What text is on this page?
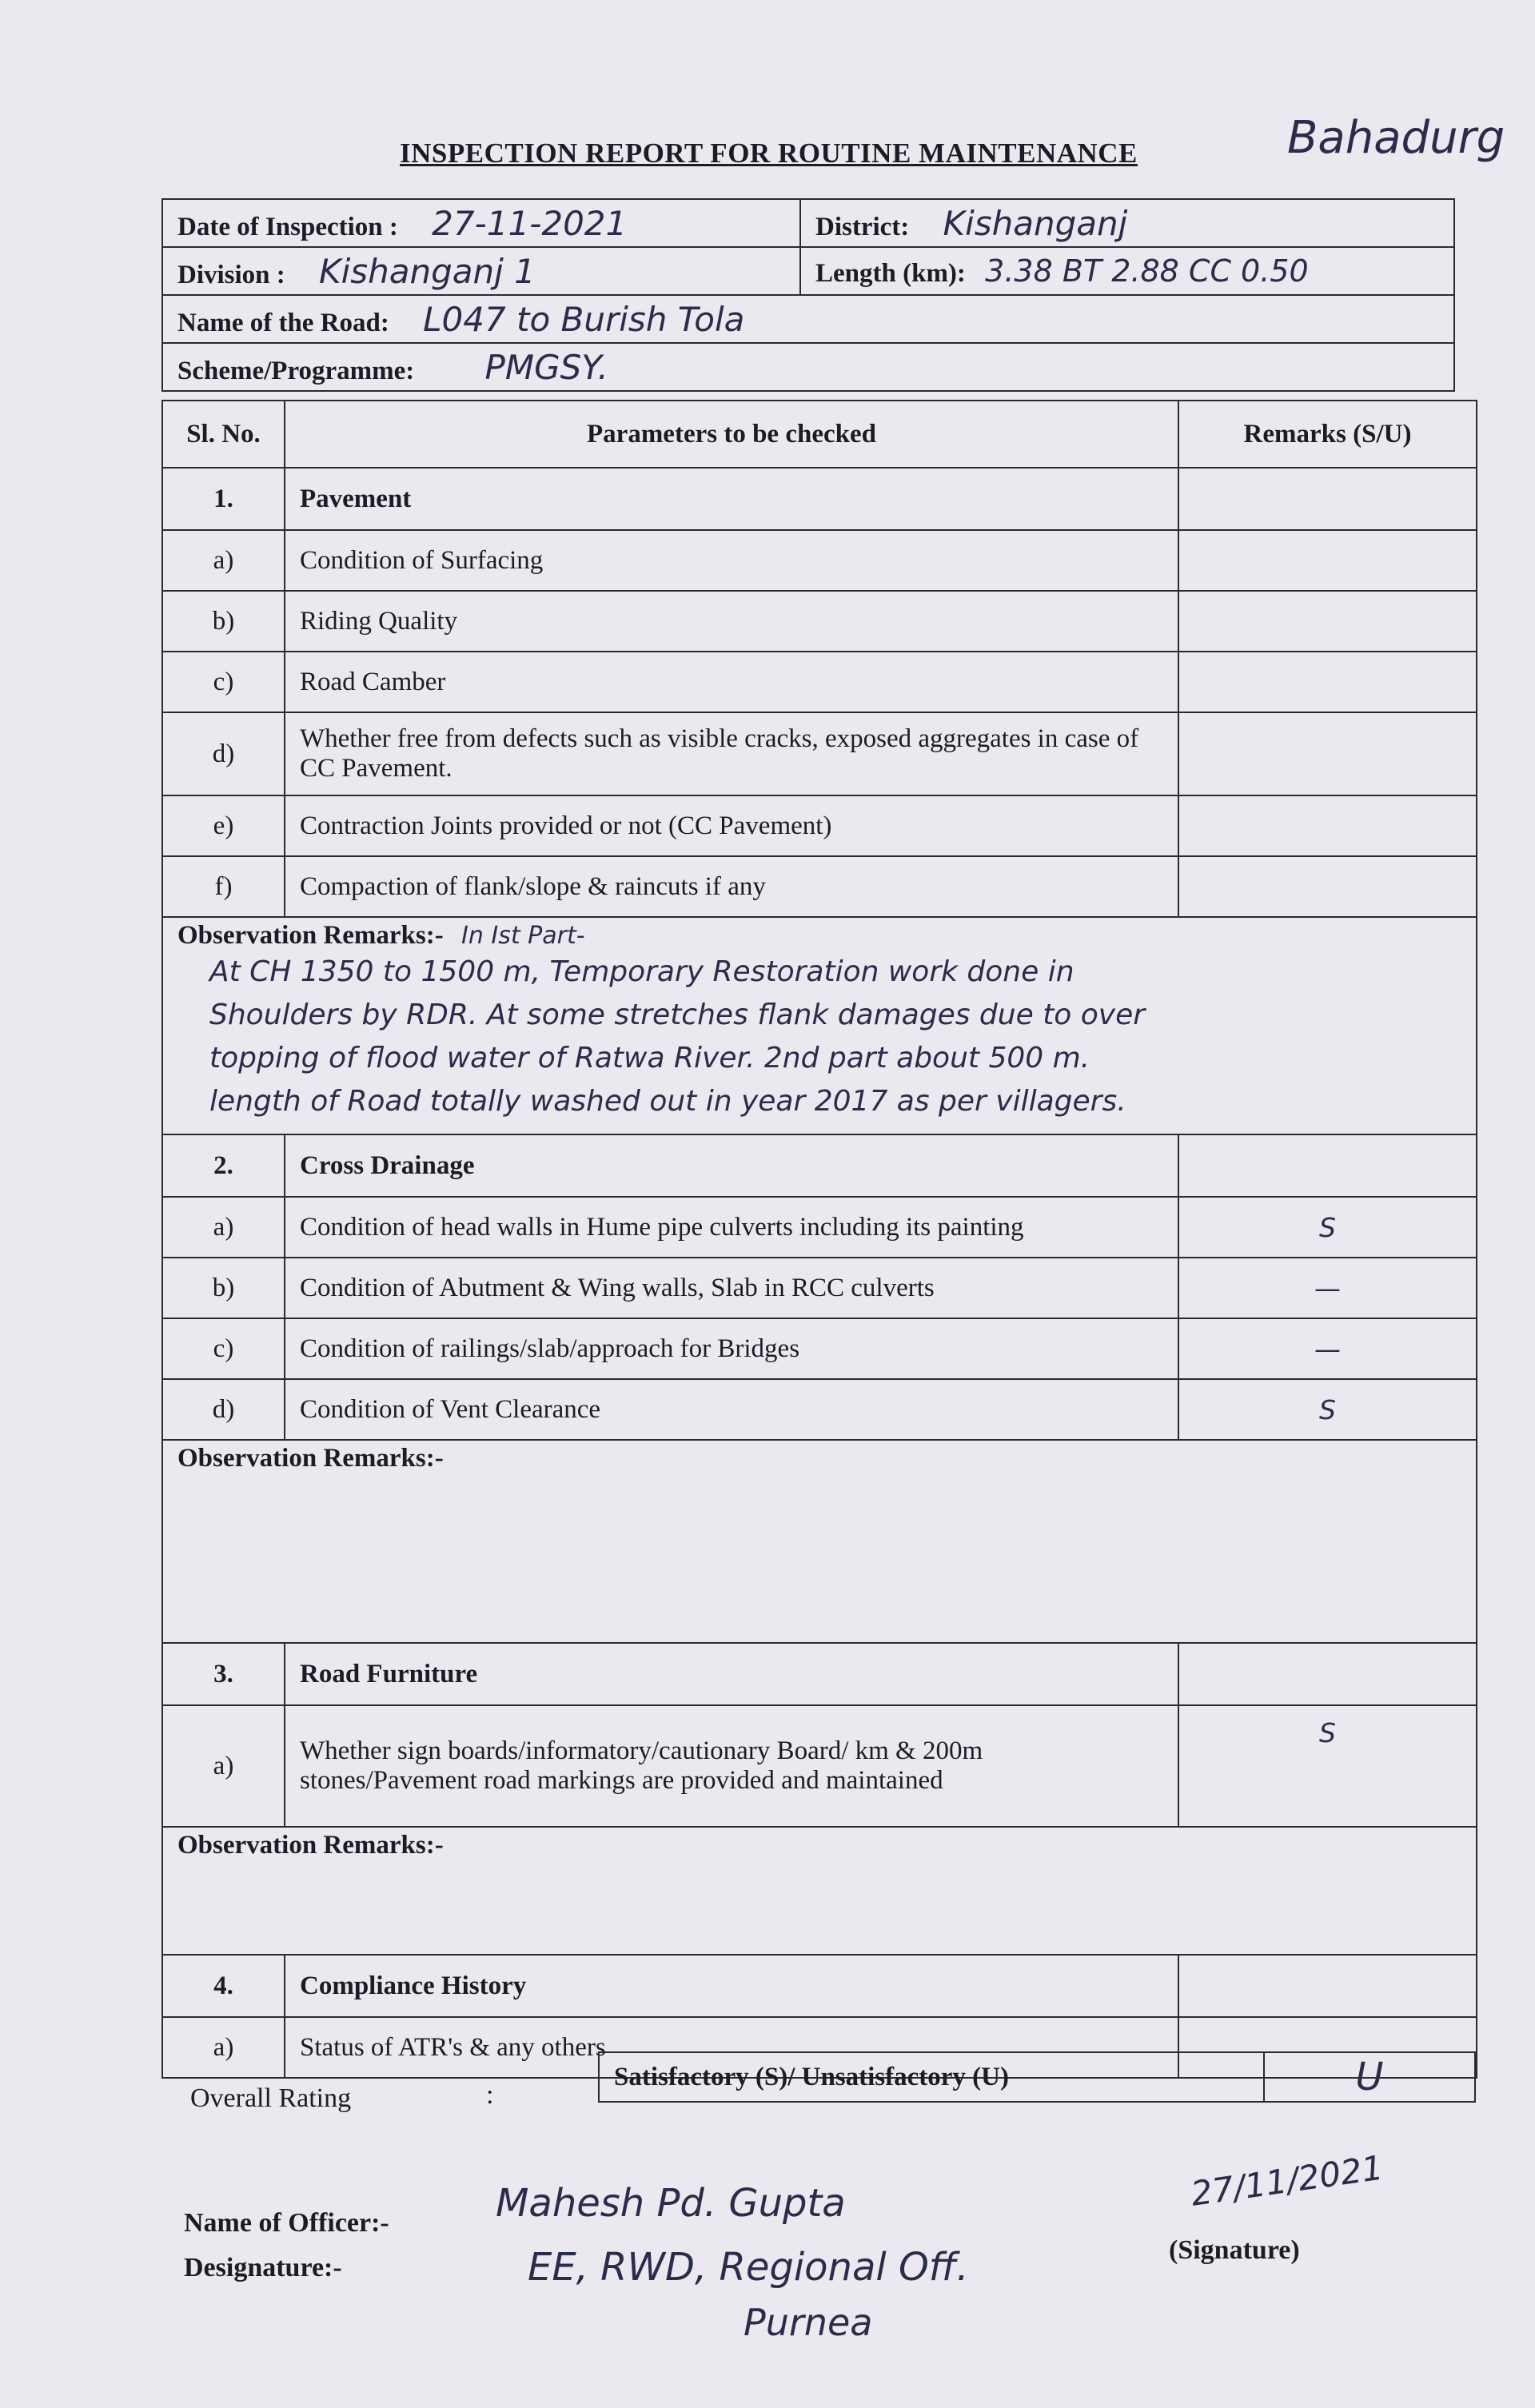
Bahadurg
INSPECTION REPORT FOR ROUTINE MAINTENANCE
Date of Inspection : 27-11-2021	District: Kishanganj
Division : Kishanganj 1	Length (km): 3.38 BT 2.88 CC 0.50
Name of the Road: L047 to Burish Tola	
Scheme/Programme: PMGSY.	
Sl. No.	Parameters to be checked	Remarks (S/U)
1.	Pavement	
a)	Condition of Surfacing	
b)	Riding Quality	
c)	Road Camber	
d)	Whether free from defects such as visible cracks, exposed aggregates in case of CC Pavement.	
e)	Contraction Joints provided or not (CC Pavement)	
f)	Compaction of flank/slope & raincuts if any	
Observation Remarks:- In Ist Part-
At CH 1350 to 1500 m, Temporary Restoration work done in
Shoulders by RDR. At some stretches flank damages due to over
topping of flood water of Ratwa River. 2nd part about 500 m.
length of Road totally washed out in year 2017 as per villagers.		

2.	Cross Drainage	
a)	Condition of head walls in Hume pipe culverts including its painting	S
b)	Condition of Abutment & Wing walls, Slab in RCC culverts	—
c)	Condition of railings/slab/approach for Bridges	—
d)	Condition of Vent Clearance	S
Observation Remarks:-		
3.	Road Furniture	
a)	Whether sign boards/informatory/cautionary Board/ km & 200m stones/Pavement road markings are provided and maintained	S
Observation Remarks:-		
4.	Compliance History	
a)	Status of ATR's & any others	
Overall Rating	:
Satisfactory (S)/ Unsatisfactory (U)	U
Name of Officer:-	Mahesh Pd. Gupta
Designature:-	EE, RWD, Regional Off.
Purnea
27/11/2021
(Signature)
